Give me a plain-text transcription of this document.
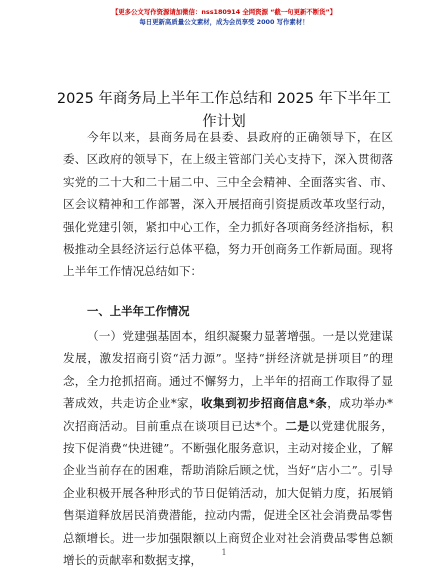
【更多公文写作资源请加微信：nss180914 全网资源 “截一句更新不断货”】
每日更新高质量公文素材，成为会员享受 2000 写作素材！
2025 年商务局上半年工作总结和 2025 年下半年工作计划

今年以来，县商务局在县委、县政府的正确领导下，在区委、区政府的领导下，在上级主管部门关心支持下，深入贯彻落实党的二十大和二十届二中、三中全会精神、全面落实省、市、区会议精神和工作部署，深入开展招商引资提质改革攻坚行动，强化党建引领，紧扣中心工作，全力抓好各项商务经济指标，积极推动全县经济运行总体平稳，努力开创商务工作新局面。现将上半年工作情况总结如下：

一、上半年工作情况

（一）党建强基固本，组织凝聚力显著增强。一是以党建谋发展，激发招商引资“活力源”。坚持“拼经济就是拼项目”的理念，全力抢抓招商。通过不懈努力，上半年的招商工作取得了显著成效，共走访企业*家，收集到初步招商信息*条，成功举办*次招商活动。目前重点在谈项目已达*个。二是以党建优服务，按下促消费“快进键”。不断强化服务意识，主动对接企业，了解企业当前存在的困难，帮助消除后顾之忧，当好“店小二”。引导企业积极开展各种形式的节日促销活动，加大促销力度，拓展销售渠道释放居民消费潜能，拉动内需，促进全区社会消费品零售总额增长。进一步加强限额以上商贸企业对社会消费品零售总额增长的贡献率和数据支撑，

1
